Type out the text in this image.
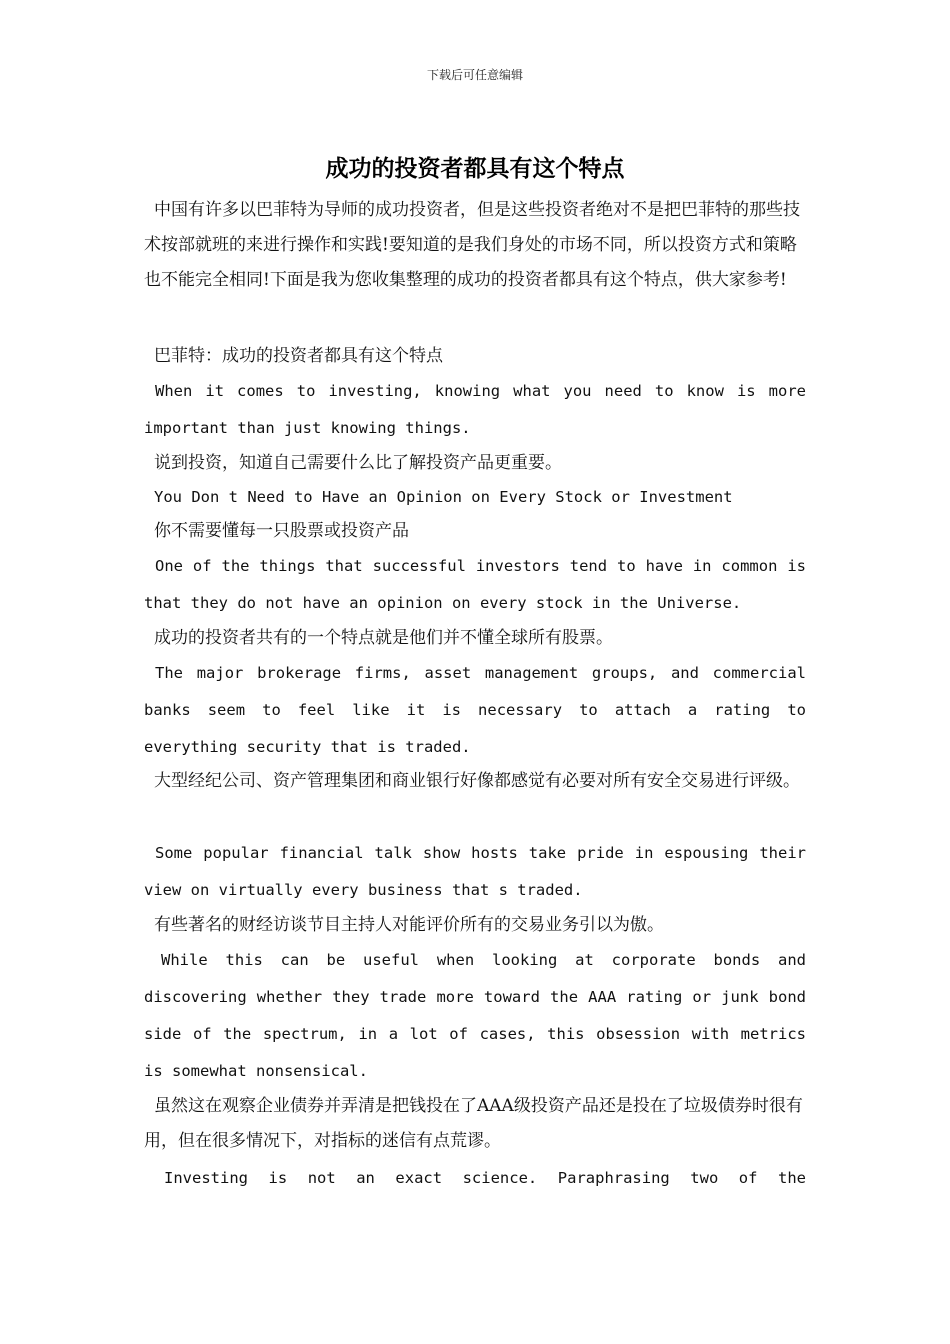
下载后可任意编辑
成功的投资者都具有这个特点

中国有许多以巴菲特为导师的成功投资者，但是这些投资者绝对不是把巴菲特的那些技术按部就班的来进行操作和实践!要知道的是我们身处的市场不同，所以投资方式和策略也不能完全相同!下面是我为您收集整理的成功的投资者都具有这个特点，供大家参考!

巴菲特：成功的投资者都具有这个特点

When it comes to investing, knowing what you need to know is more important than just knowing things.

说到投资，知道自己需要什么比了解投资产品更重要。

You Don t Need to Have an Opinion on Every Stock or Investment

你不需要懂每一只股票或投资产品

One of the things that successful investors tend to have in common is that they do not have an opinion on every stock in the Universe.

成功的投资者共有的一个特点就是他们并不懂全球所有股票。

The major brokerage firms, asset management groups, and commercial banks seem to feel like it is necessary to attach a rating to everything security that is traded.

大型经纪公司、资产管理集团和商业银行好像都感觉有必要对所有安全交易进行评级。

Some popular financial talk show hosts take pride in espousing their view on virtually every business that s traded.

有些著名的财经访谈节目主持人对能评价所有的交易业务引以为傲。

While this can be useful when looking at corporate bonds and discovering whether they trade more toward the AAA rating or junk bond side of the spectrum, in a lot of cases, this obsession with metrics is somewhat nonsensical.

虽然这在观察企业债券并弄清是把钱投在了AAA级投资产品还是投在了垃圾债券时很有用，但在很多情况下，对指标的迷信有点荒谬。

Investing is not an exact science. Paraphrasing two of the
